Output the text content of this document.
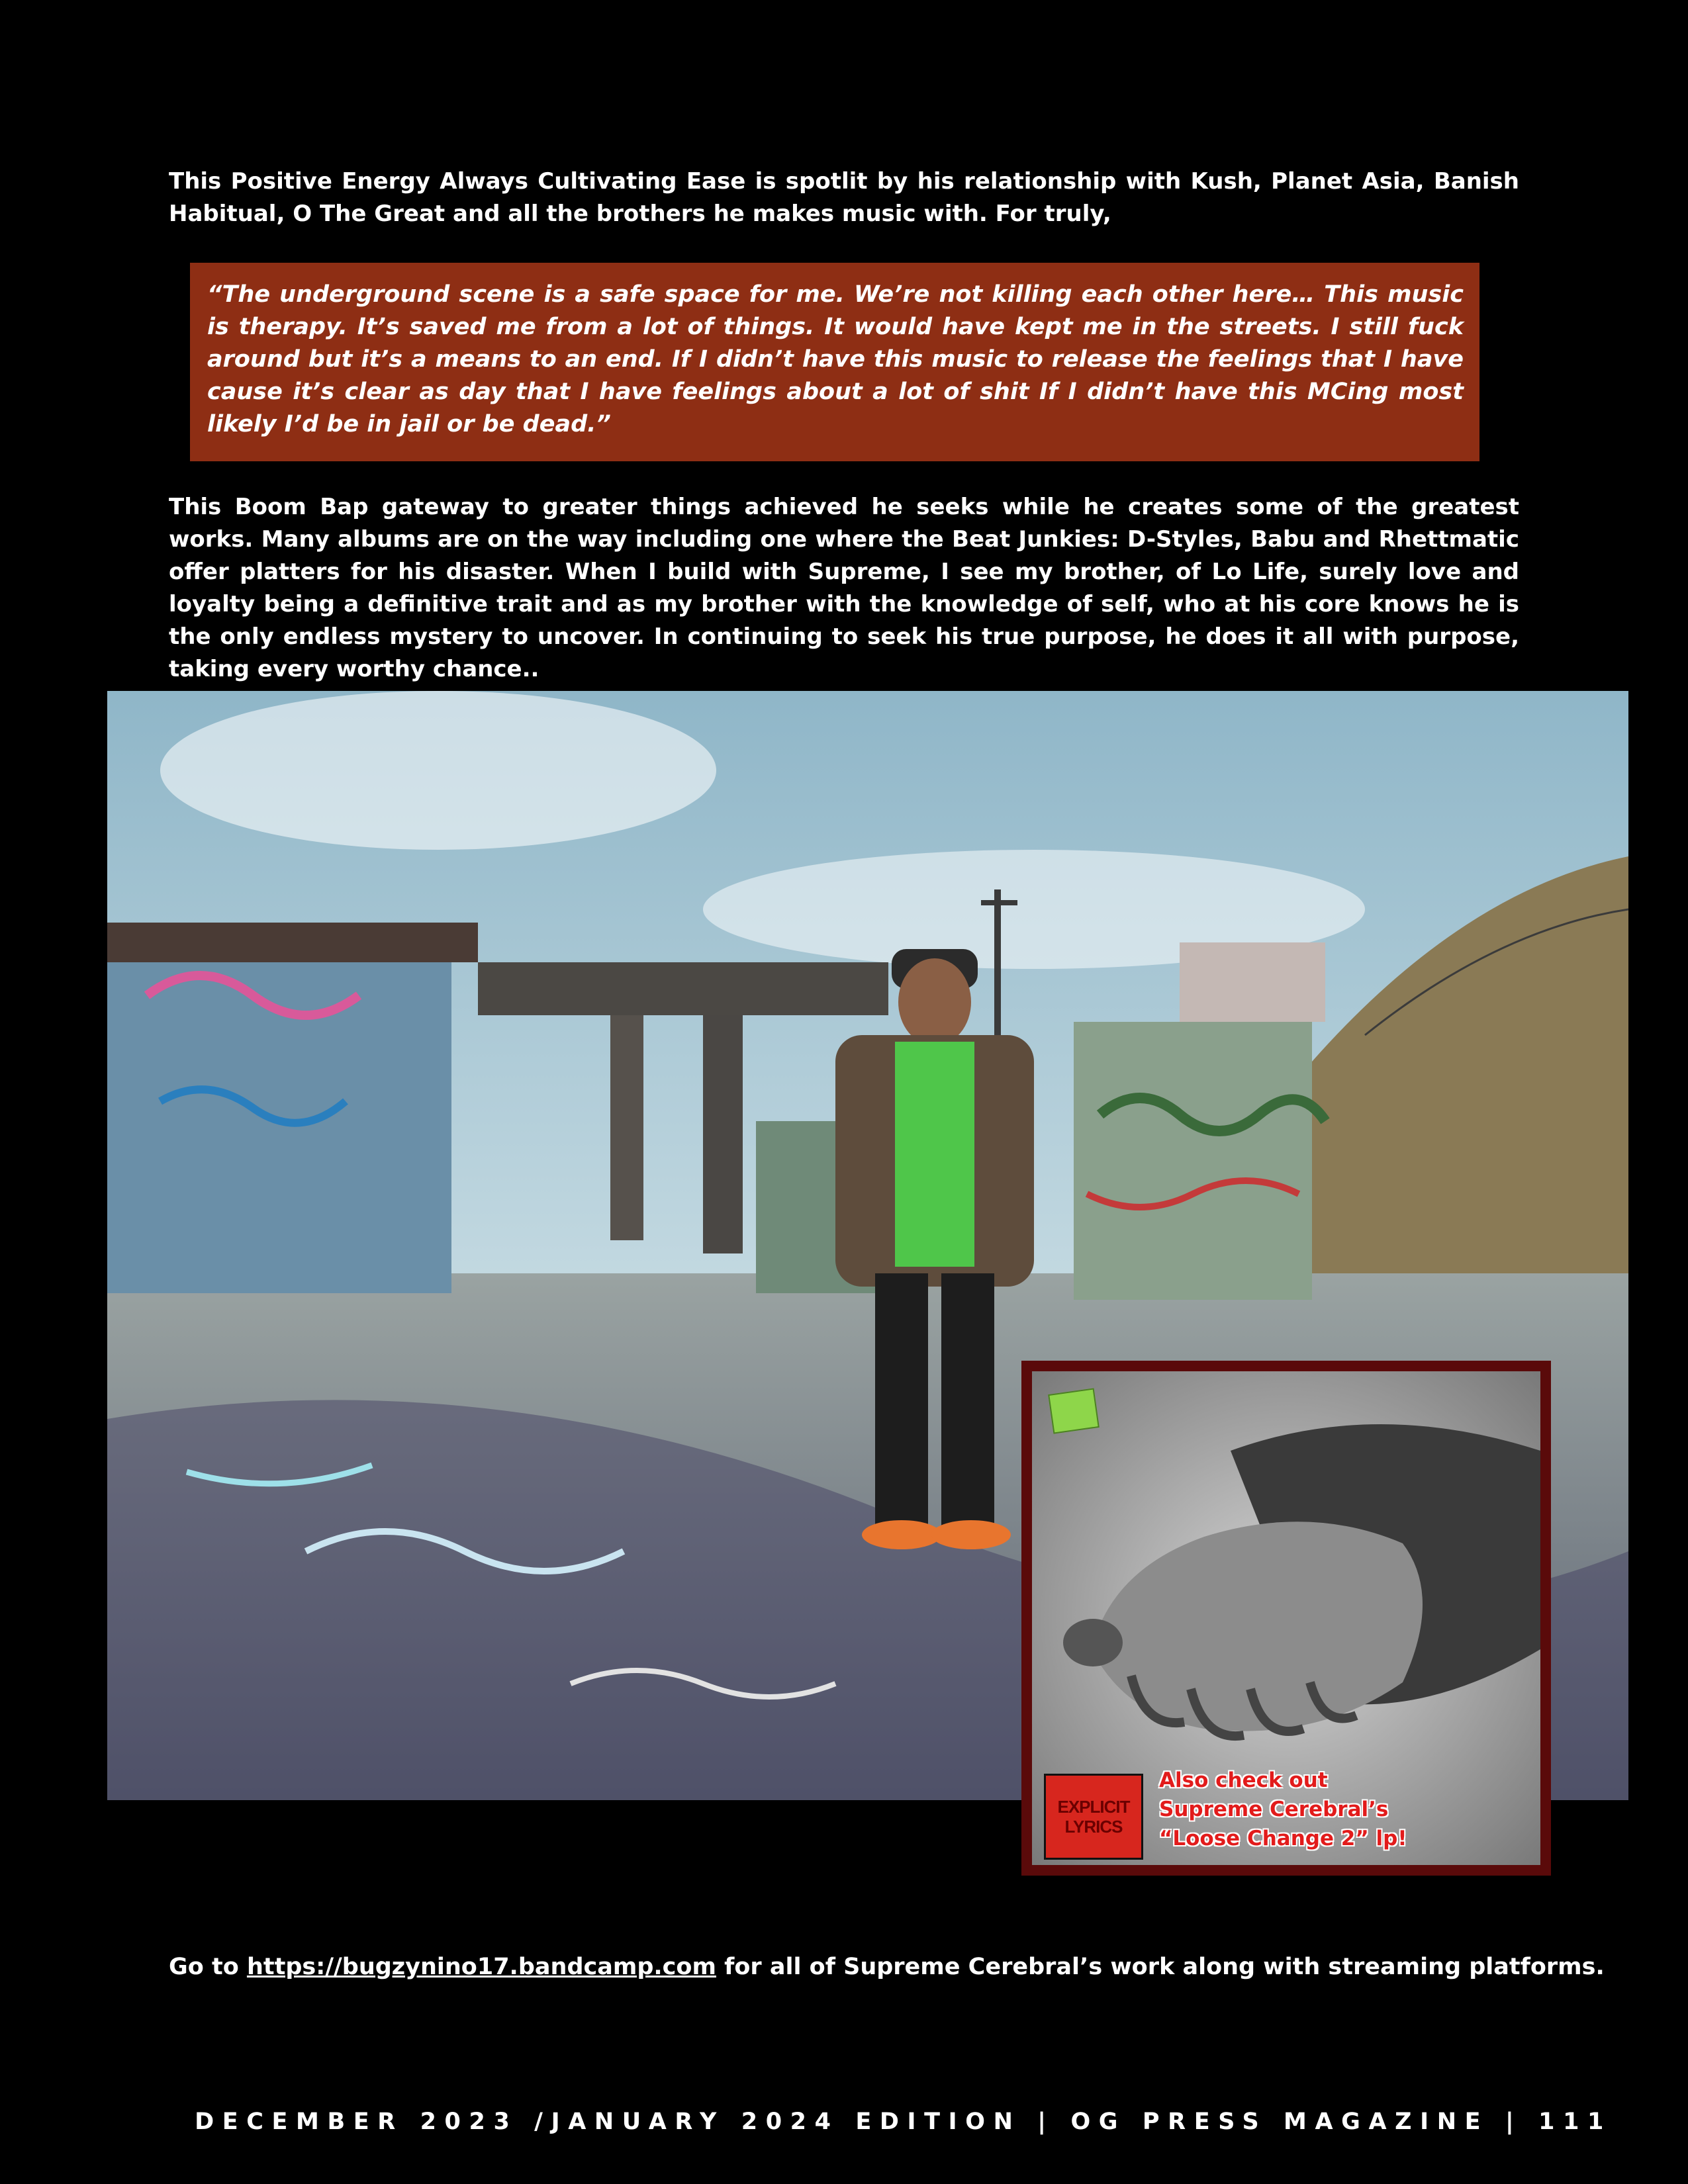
This Positive Energy Always Cultivating Ease is spotlit by his relationship with Kush, Planet Asia, Banish Habitual, O The Great and all the brothers he makes music with. For truly,

“The underground scene is a safe space for me. We’re not killing each other here… This music is therapy. It’s saved me from a lot of things. It would have kept me in the streets. I still fuck around but it’s a means to an end. If I didn’t have this music to release the feelings that I have cause it’s clear as day that I have feelings about a lot of shit If I didn’t have this MCing most likely I’d be in jail or be dead.”

This Boom Bap gateway to greater things achieved he seeks while he creates some of the greatest works. Many albums are on the way including one where the Beat Junkies: D-Styles, Babu and Rhettmatic offer platters for his disaster. When I build with Supreme, I see my brother, of Lo Life, surely love and loyalty being a definitive trait and as my brother with the knowledge of self, who at his core knows he is the only endless mystery to uncover. In continuing to seek his true purpose, he does it all with purpose, taking every worthy chance..

EXPLICIT
LYRICS
Also check out
Supreme Cerebral’s
“Loose Change 2” lp!

Go to https://bugzynino17.bandcamp.com for all of Supreme Cerebral’s work along with streaming platforms.

DECEMBER 2023 /JANUARY 2024 EDITION | OG PRESS MAGAZINE | 111
